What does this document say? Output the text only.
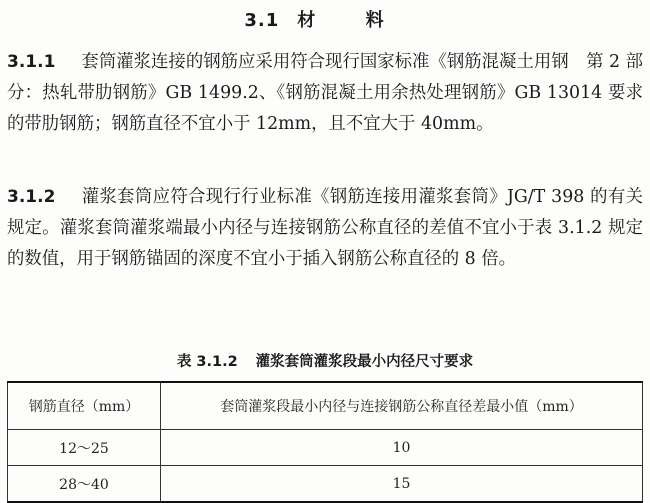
3.1 材 料
3.1.1 套筒灌浆连接的钢筋应采用符合现行国家标准《钢筋混凝土用钢　第 2 部分：热轧带肋钢筋》GB 1499.2、《钢筋混凝土用余热处理钢筋》GB 13014 要求的带肋钢筋；钢筋直径不宜小于 12mm，且不宜大于 40mm。
3.1.2 灌浆套筒应符合现行行业标准《钢筋连接用灌浆套筒》JG/T 398 的有关规定。灌浆套筒灌浆端最小内径与连接钢筋公称直径的差值不宜小于表 3.1.2 规定的数值，用于钢筋锚固的深度不宜小于插入钢筋公称直径的 8 倍。
表 3.1.2 灌浆套筒灌浆段最小内径尺寸要求
钢筋直径（mm）	套筒灌浆段最小内径与连接钢筋公称直径差最小值（mm）
12～25	10
28～40	15
